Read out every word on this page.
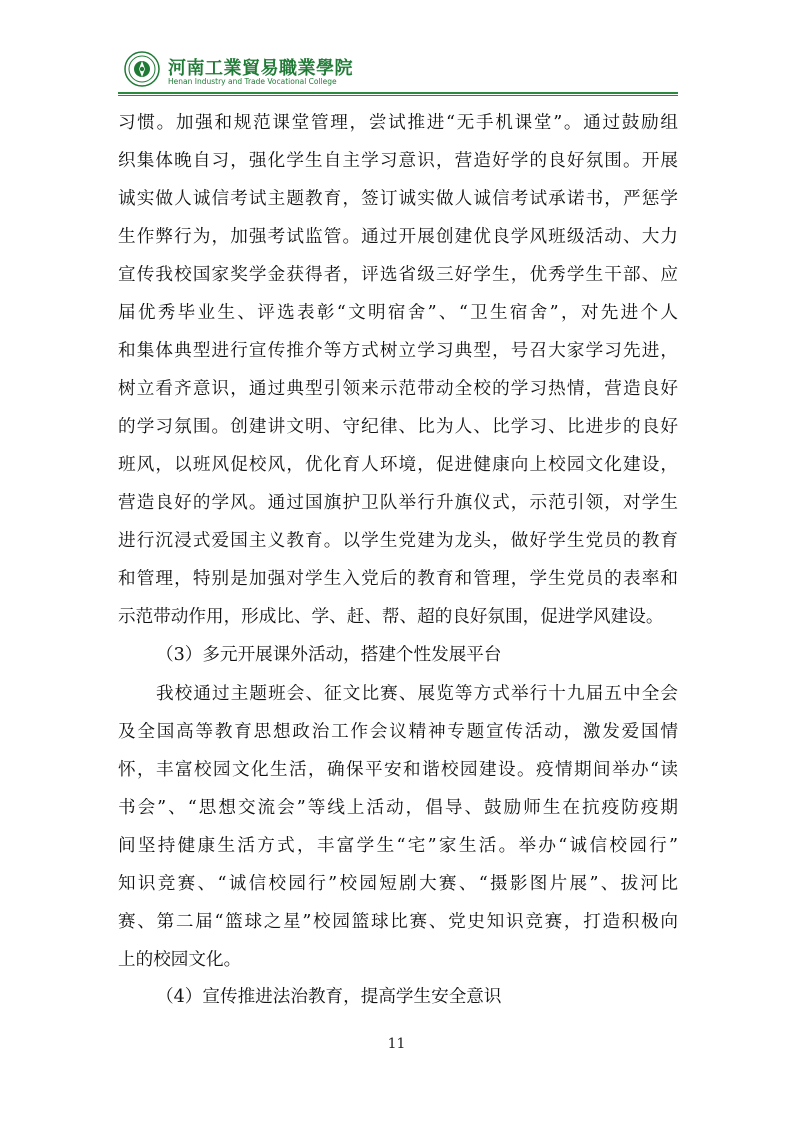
河南工業貿易職業學院
Henan Industry and Trade Vocational College
习惯。加强和规范课堂管理，尝试推进“无手机课堂”。通过鼓励组
织集体晚自习，强化学生自主学习意识，营造好学的良好氛围。开展
诚实做人诚信考试主题教育，签订诚实做人诚信考试承诺书，严惩学
生作弊行为，加强考试监管。通过开展创建优良学风班级活动、大力
宣传我校国家奖学金获得者，评选省级三好学生，优秀学生干部、应
届优秀毕业生、评选表彰“文明宿舍”、“卫生宿舍”，对先进个人
和集体典型进行宣传推介等方式树立学习典型，号召大家学习先进，
树立看齐意识，通过典型引领来示范带动全校的学习热情，营造良好
的学习氛围。创建讲文明、守纪律、比为人、比学习、比进步的良好
班风，以班风促校风，优化育人环境，促进健康向上校园文化建设，
营造良好的学风。通过国旗护卫队举行升旗仪式，示范引领，对学生
进行沉浸式爱国主义教育。以学生党建为龙头，做好学生党员的教育
和管理，特别是加强对学生入党后的教育和管理，学生党员的表率和
示范带动作用，形成比、学、赶、帮、超的良好氛围，促进学风建设。
（3）多元开展课外活动，搭建个性发展平台
我校通过主题班会、征文比赛、展览等方式举行十九届五中全会
及全国高等教育思想政治工作会议精神专题宣传活动，激发爱国情
怀，丰富校园文化生活，确保平安和谐校园建设。疫情期间举办“读
书会”、“思想交流会”等线上活动，倡导、鼓励师生在抗疫防疫期
间坚持健康生活方式，丰富学生“宅”家生活。举办“诚信校园行”
知识竞赛、“诚信校园行”校园短剧大赛、“摄影图片展”、拔河比
赛、第二届“篮球之星”校园篮球比赛、党史知识竞赛，打造积极向
上的校园文化。
（4）宣传推进法治教育，提高学生安全意识
11
